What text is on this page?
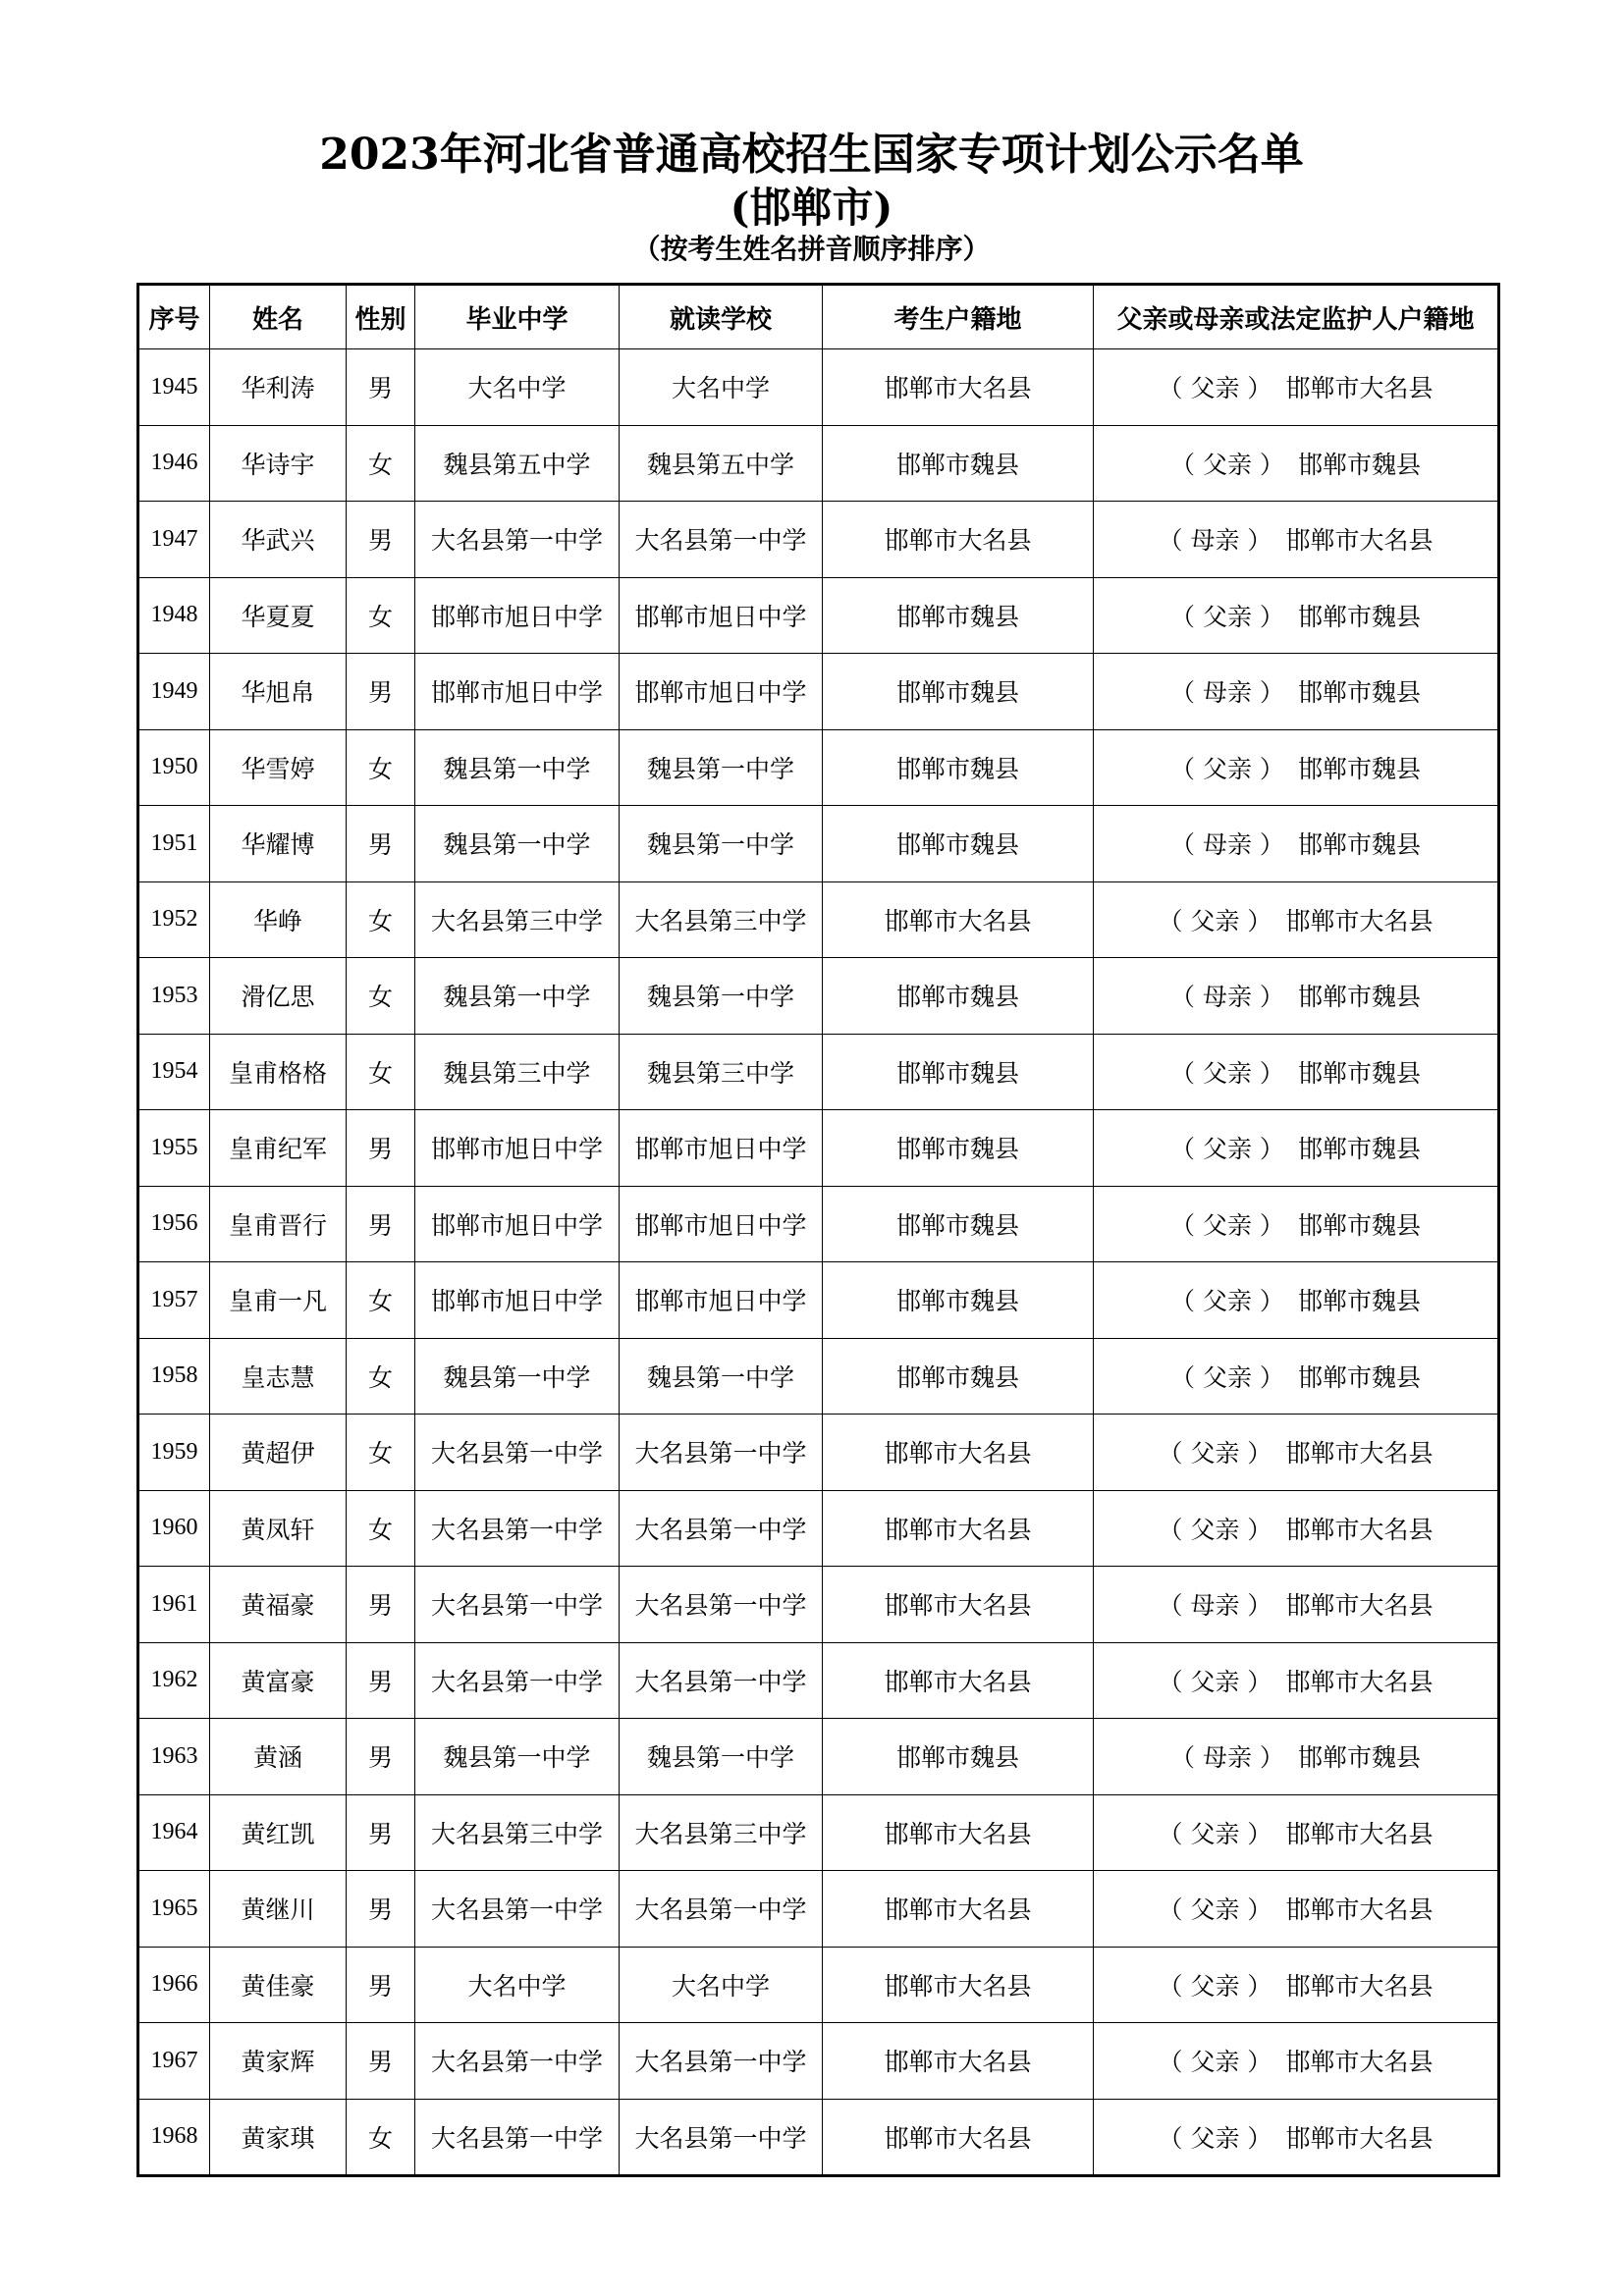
2023年河北省普通高校招生国家专项计划公示名单
(邯郸市)
（按考生姓名拼音顺序排序）
序号	姓名	性别	毕业中学	就读学校	考生户籍地	父亲或母亲或法定监护人户籍地
1945	华利涛	男	大名中学	大名中学	邯郸市大名县	（ 父亲 ） 邯郸市大名县
1946	华诗宇	女	魏县第五中学	魏县第五中学	邯郸市魏县	（ 父亲 ） 邯郸市魏县
1947	华武兴	男	大名县第一中学	大名县第一中学	邯郸市大名县	（ 母亲 ） 邯郸市大名县
1948	华夏夏	女	邯郸市旭日中学	邯郸市旭日中学	邯郸市魏县	（ 父亲 ） 邯郸市魏县
1949	华旭帛	男	邯郸市旭日中学	邯郸市旭日中学	邯郸市魏县	（ 母亲 ） 邯郸市魏县
1950	华雪婷	女	魏县第一中学	魏县第一中学	邯郸市魏县	（ 父亲 ） 邯郸市魏县
1951	华耀博	男	魏县第一中学	魏县第一中学	邯郸市魏县	（ 母亲 ） 邯郸市魏县
1952	华峥	女	大名县第三中学	大名县第三中学	邯郸市大名县	（ 父亲 ） 邯郸市大名县
1953	滑亿思	女	魏县第一中学	魏县第一中学	邯郸市魏县	（ 母亲 ） 邯郸市魏县
1954	皇甫格格	女	魏县第三中学	魏县第三中学	邯郸市魏县	（ 父亲 ） 邯郸市魏县
1955	皇甫纪军	男	邯郸市旭日中学	邯郸市旭日中学	邯郸市魏县	（ 父亲 ） 邯郸市魏县
1956	皇甫晋行	男	邯郸市旭日中学	邯郸市旭日中学	邯郸市魏县	（ 父亲 ） 邯郸市魏县
1957	皇甫一凡	女	邯郸市旭日中学	邯郸市旭日中学	邯郸市魏县	（ 父亲 ） 邯郸市魏县
1958	皇志慧	女	魏县第一中学	魏县第一中学	邯郸市魏县	（ 父亲 ） 邯郸市魏县
1959	黄超伊	女	大名县第一中学	大名县第一中学	邯郸市大名县	（ 父亲 ） 邯郸市大名县
1960	黄凤轩	女	大名县第一中学	大名县第一中学	邯郸市大名县	（ 父亲 ） 邯郸市大名县
1961	黄福豪	男	大名县第一中学	大名县第一中学	邯郸市大名县	（ 母亲 ） 邯郸市大名县
1962	黄富豪	男	大名县第一中学	大名县第一中学	邯郸市大名县	（ 父亲 ） 邯郸市大名县
1963	黄涵	男	魏县第一中学	魏县第一中学	邯郸市魏县	（ 母亲 ） 邯郸市魏县
1964	黄红凯	男	大名县第三中学	大名县第三中学	邯郸市大名县	（ 父亲 ） 邯郸市大名县
1965	黄继川	男	大名县第一中学	大名县第一中学	邯郸市大名县	（ 父亲 ） 邯郸市大名县
1966	黄佳豪	男	大名中学	大名中学	邯郸市大名县	（ 父亲 ） 邯郸市大名县
1967	黄家辉	男	大名县第一中学	大名县第一中学	邯郸市大名县	（ 父亲 ） 邯郸市大名县
1968	黄家琪	女	大名县第一中学	大名县第一中学	邯郸市大名县	（ 父亲 ） 邯郸市大名县
